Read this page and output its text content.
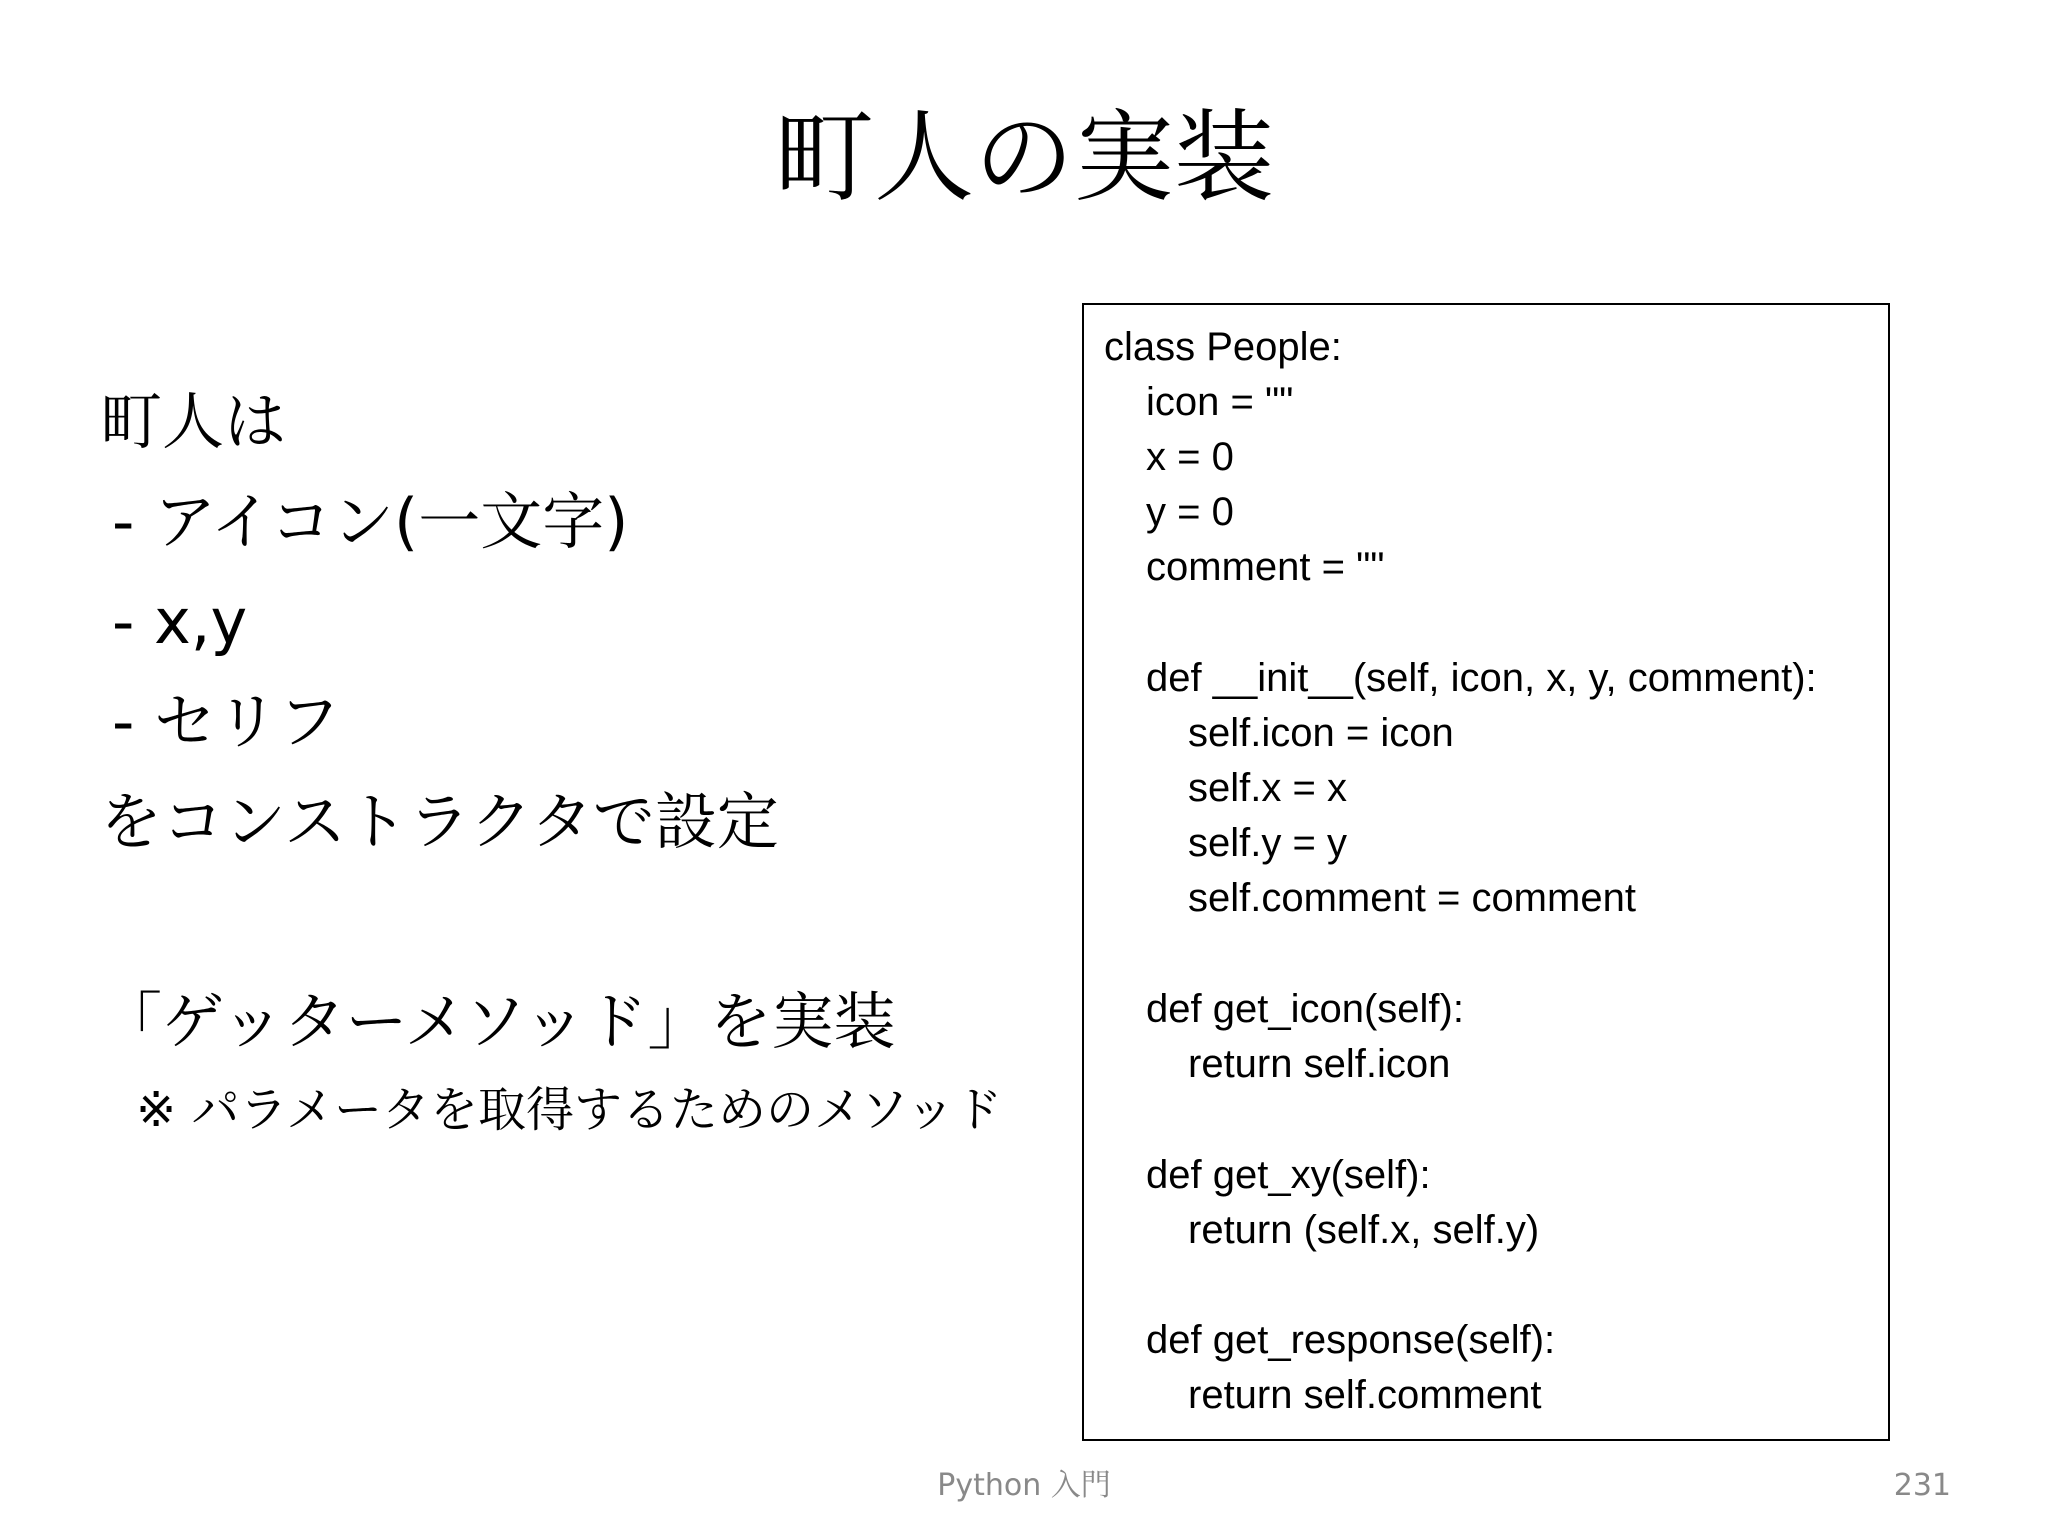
町人の実装
町人は
- アイコン(一文字)
- x,y
- セリフ
をコンストラクタで設定
「ゲッターメソッド」を実装
※ パラメータを取得するためのメソッド
class People:
icon = ""
x = 0
y = 0
comment = ""
def __init__(self, icon, x, y, comment):
self.icon = icon
self.x = x
self.y = y
self.comment = comment
def get_icon(self):
return self.icon
def get_xy(self):
return (self.x, self.y)
def get_response(self):
return self.comment
Python 入門	231
